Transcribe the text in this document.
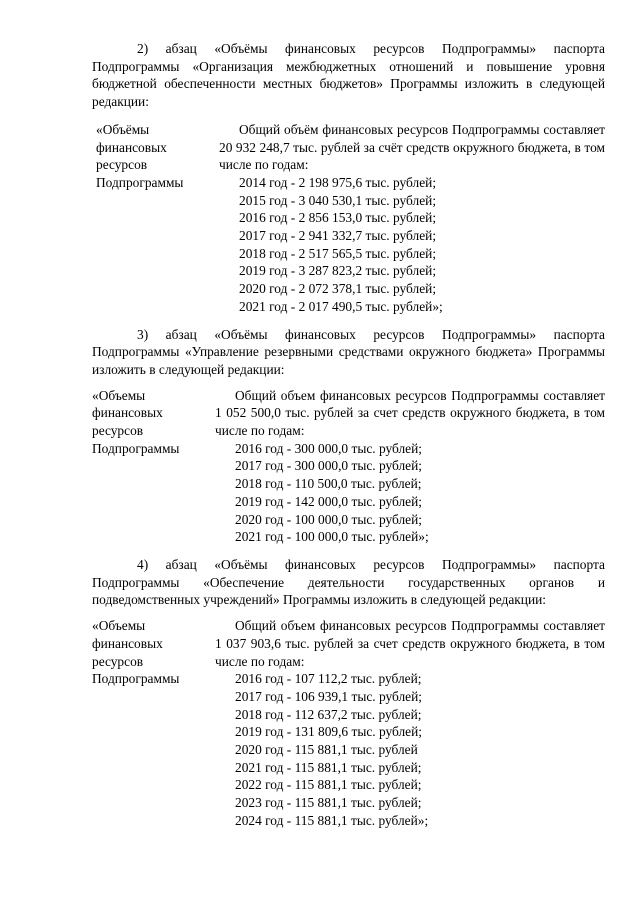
2) абзац «Объёмы финансовых ресурсов Подпрограммы» паспорта Подпрограммы «Организация межбюджетных отношений и повышение уровня бюджетной обеспеченности местных бюджетов» Программы изложить в следующей редакции:

«Объёмы
финансовых
ресурсов
Подпрограммы

Общий объём финансовых ресурсов Подпрограммы составляет 20 932 248,7 тыс. рублей за счёт средств окружного бюджета, в том числе по годам:

2014 год - 2 198 975,6 тыс. рублей;
2015 год - 3 040 530,1 тыс. рублей;
2016 год - 2 856 153,0 тыс. рублей;
2017 год - 2 941 332,7 тыс. рублей;
2018 год - 2 517 565,5 тыс. рублей;
2019 год - 3 287 823,2 тыс. рублей;
2020 год - 2 072 378,1 тыс. рублей;
2021 год - 2 017 490,5 тыс. рублей»;

3) абзац «Объёмы финансовых ресурсов Подпрограммы» паспорта Подпрограммы «Управление резервными средствами окружного бюджета» Программы изложить в следующей редакции:

«Объемы
финансовых
ресурсов
Подпрограммы

Общий объем финансовых ресурсов Подпрограммы составляет 1 052 500,0 тыс. рублей за счет средств окружного бюджета, в том числе по годам:

2016 год - 300 000,0 тыс. рублей;
2017 год - 300 000,0 тыс. рублей;
2018 год - 110 500,0 тыс. рублей;
2019 год - 142 000,0 тыс. рублей;
2020 год - 100 000,0 тыс. рублей;
2021 год - 100 000,0 тыс. рублей»;

4) абзац «Объёмы финансовых ресурсов Подпрограммы» паспорта Подпрограммы «Обеспечение деятельности государственных органов и подведомственных учреждений» Программы изложить в следующей редакции:

«Объемы
финансовых
ресурсов
Подпрограммы

Общий объем финансовых ресурсов Подпрограммы составляет 1 037 903,6 тыс. рублей за счет средств окружного бюджета, в том числе по годам:

2016 год - 107 112,2 тыс. рублей;
2017 год - 106 939,1 тыс. рублей;
2018 год - 112 637,2 тыс. рублей;
2019 год - 131 809,6 тыс. рублей;
2020 год - 115 881,1 тыс. рублей
2021 год - 115 881,1 тыс. рублей;
2022 год - 115 881,1 тыс. рублей;
2023 год - 115 881,1 тыс. рублей;
2024 год - 115 881,1 тыс. рублей»;
